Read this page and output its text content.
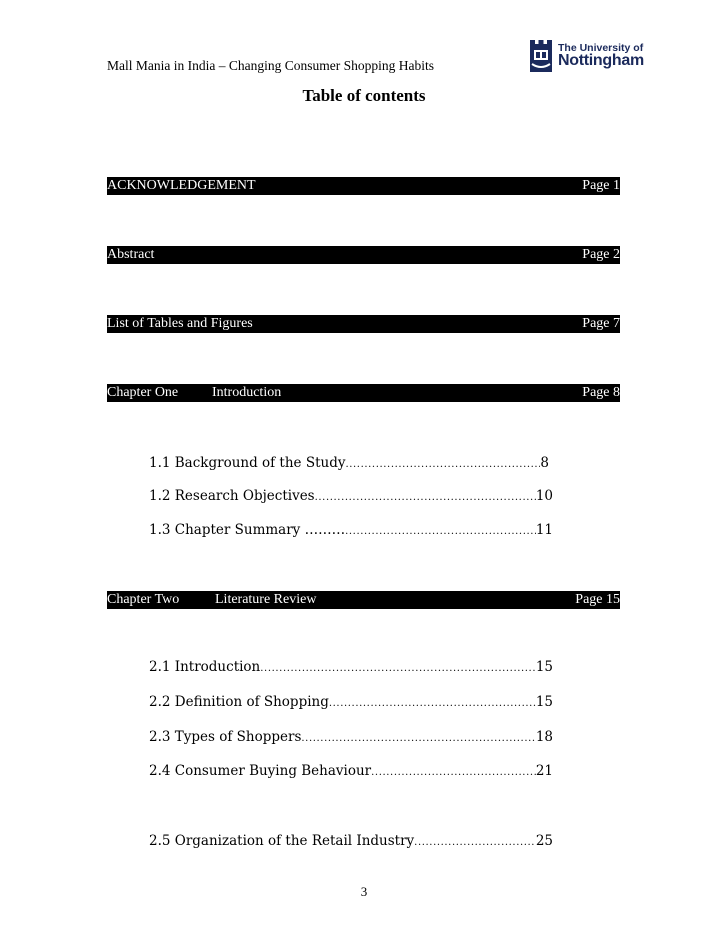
Mall Mania in India – Changing Consumer Shopping Habits
The University of
Nottingham
Table of contents
ACKNOWLEDGEMENT	Page 1
Abstract	Page 2
List of Tables and Figures	Page 7
Chapter One Introduction	Page 8
Chapter Two	Literature Review	Page 15
1.1 Background of the Study .....	8
1.2 Research Objectives .....	10
1.3 Chapter Summary ……… .....	11
2.1 Introduction .....	15
2.2 Definition of Shopping .....	15
2.3 Types of Shoppers .....	18
2.4 Consumer Buying Behaviour .....	21
2.5 Organization of the Retail Industry .....	25
3
